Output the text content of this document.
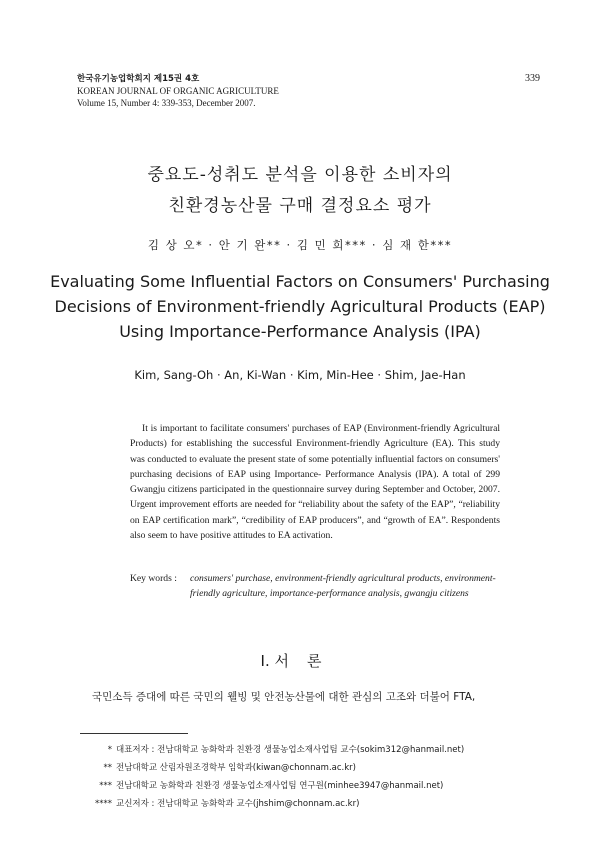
한국유기농업학회지 제15권 4호
KOREAN JOURNAL OF ORGANIC AGRICULTURE
Volume 15, Number 4: 339-353, December 2007.
339
중요도-성취도 분석을 이용한 소비자의
친환경농산물 구매 결정요소 평가
김 상 오* · 안 기 완** · 김 민 희*** · 심 재 한***
Evaluating Some Influential Factors on Consumers' Purchasing
Decisions of Environment-friendly Agricultural Products (EAP)
Using Importance-Performance Analysis (IPA)
Kim, Sang-Oh · An, Ki-Wan · Kim, Min-Hee · Shim, Jae-Han

It is important to facilitate consumers' purchases of EAP (Environment-friendly Agricultural Products) for establishing the successful Environment-friendly Agriculture (EA). This study was conducted to evaluate the present state of some potentially influential factors on consumers' purchasing decisions of EAP using Importance- Performance Analysis (IPA). A total of 299 Gwangju citizens participated in the questionnaire survey during September and October, 2007. Urgent improvement efforts are needed for “reliability about the safety of the EAP”, “reliability on EAP certification mark”, “credibility of EAP producers”, and “growth of EA”. Respondents also seem to have positive attitudes to EA activation.

Key words :	consumers' purchase, environment-friendly agricultural products, environment-friendly agriculture, importance-performance analysis, gwangju citizens
Ⅰ. 서론
국민소득 증대에 따른 국민의 웰빙 및 안전농산물에 대한 관심의 고조와 더불어 FTA,
* 대표저자 : 전남대학교 농화학과 친환경 생물농업소재사업팀 교수(sokim312@hanmail.net)
** 전남대학교 산림자원조경학부 임학과(kiwan@chonnam.ac.kr)
*** 전남대학교 농화학과 친환경 생물농업소재사업팀 연구원(minhee3947@hanmail.net)
**** 교신저자 : 전남대학교 농화학과 교수(jhshim@chonnam.ac.kr)
